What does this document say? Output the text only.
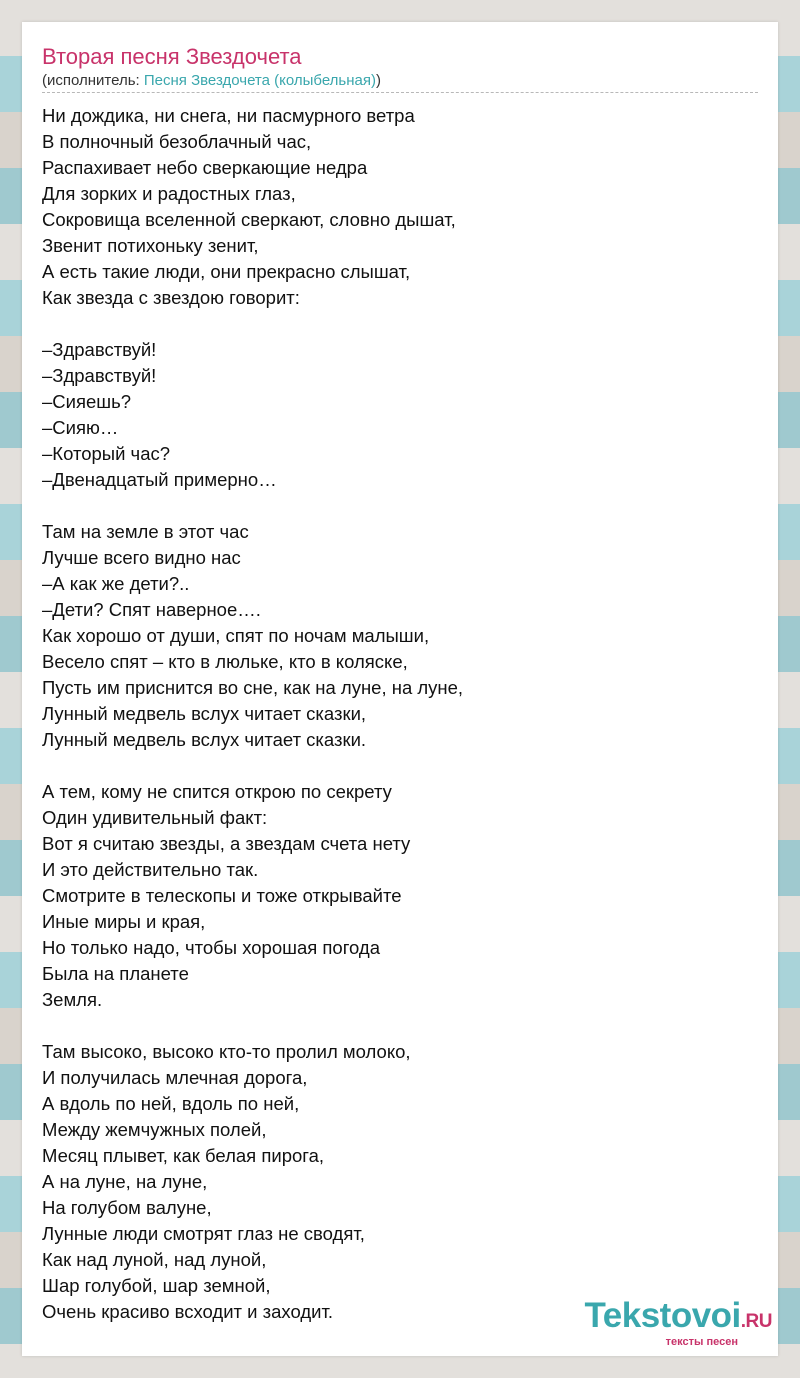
Вторая песня Звездочета
(исполнитель: Песня Звездочета (колыбельная))
Ни дождика, ни снега, ни пасмурного ветра
В полночный безоблачный час,
Распахивает небо сверкающие недра
Для зорких и радостных глаз,
Сокровища вселенной сверкают, словно дышат,
Звенит потихоньку зенит,
А есть такие люди, они прекрасно слышат,
Как звезда с звездою говорит:
–Здравствуй!
–Здравствуй!
–Сияешь?
–Сияю…
–Который час?
–Двенадцатый примерно…
Там на земле в этот час
Лучше всего видно нас
–А как же дети?..
–Дети? Спят наверное….
Как хорошо от души, спят по ночам малыши,
Весело спят – кто в люльке, кто в коляске,
Пусть им приснится во сне, как на луне, на луне,
Лунный медвель вслух читает сказки,
Лунный медвель вслух читает сказки.
А тем, кому не спится открою по секрету
Один удивительный факт:
Вот я считаю звезды, а звездам счета нету
И это действительно так.
Смотрите в телескопы и тоже открывайте
Иные миры и края,
Но только надо, чтобы хорошая погода
Была на планете
Земля.
Там высоко, высоко кто-то пролил молоко,
И получилась млечная дорога,
А вдоль по ней, вдоль по ней,
Между жемчужных полей,
Месяц плывет, как белая пирога,
А на луне, на луне,
На голубом валуне,
Лунные люди смотрят глаз не сводят,
Как над луной, над луной,
Шар голубой, шар земной,
Очень красиво всходит и заходит.	Tekstovoi.RU
тексты песен
